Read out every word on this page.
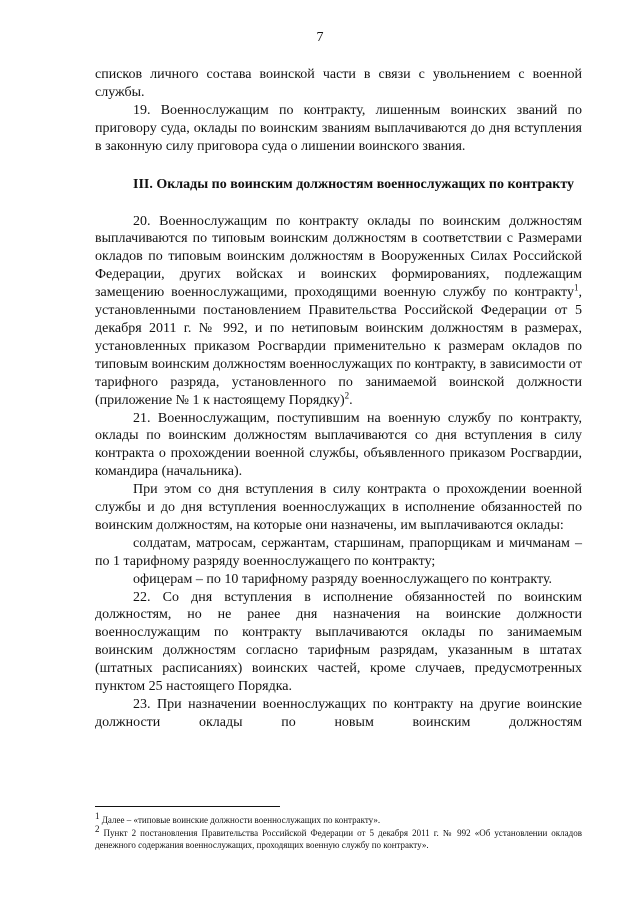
7

списков личного состава воинской части в связи с увольнением с военной службы.

19. Военнослужащим по контракту, лишенным воинских званий по приговору суда, оклады по воинским званиям выплачиваются до дня вступления в законную силу приговора суда о лишении воинского звания.

III. Оклады по воинским должностям военнослужащих по контракту

20. Военнослужащим по контракту оклады по воинским должностям выплачиваются по типовым воинским должностям в соответствии с Размерами окладов по типовым воинским должностям в Вооруженных Силах Российской Федерации, других войсках и воинских формированиях, подлежащим замещению военнослужащими, проходящими военную службу по контракту$^1$, установленными постановлением Правительства Российской Федерации от 5 декабря 2011 г. № 992, и по нетиповым воинским должностям в размерах, установленных приказом Росгвардии применительно к размерам окладов по типовым воинским должностям военнослужащих по контракту, в зависимости от тарифного разряда, установленного по занимаемой воинской должности (приложение № 1 к настоящему Порядку)$^2$.

21. Военнослужащим, поступившим на военную службу по контракту, оклады по воинским должностям выплачиваются со дня вступления в силу контракта о прохождении военной службы, объявленного приказом Росгвардии, командира (начальника).

При этом со дня вступления в силу контракта о прохождении военной службы и до дня вступления военнослужащих в исполнение обязанностей по воинским должностям, на которые они назначены, им выплачиваются оклады:

солдатам, матросам, сержантам, старшинам, прапорщикам и мичманам – по 1 тарифному разряду военнослужащего по контракту;

офицерам – по 10 тарифному разряду военнослужащего по контракту.

22. Со дня вступления в исполнение обязанностей по воинским должностям, но не ранее дня назначения на воинские должности военнослужащим по контракту выплачиваются оклады по занимаемым воинским должностям согласно тарифным разрядам, указанным в штатах (штатных расписаниях) воинских частей, кроме случаев, предусмотренных пунктом 25 настоящего Порядка.

23. При назначении военнослужащих по контракту на другие воинские должности оклады по новым воинским должностям

$^1$ Далее – «типовые воинские должности военнослужащих по контракту».

$^2$ Пункт 2 постановления Правительства Российской Федерации от 5 декабря 2011 г. № 992 «Об установлении окладов денежного содержания военнослужащих, проходящих военную службу по контракту».
